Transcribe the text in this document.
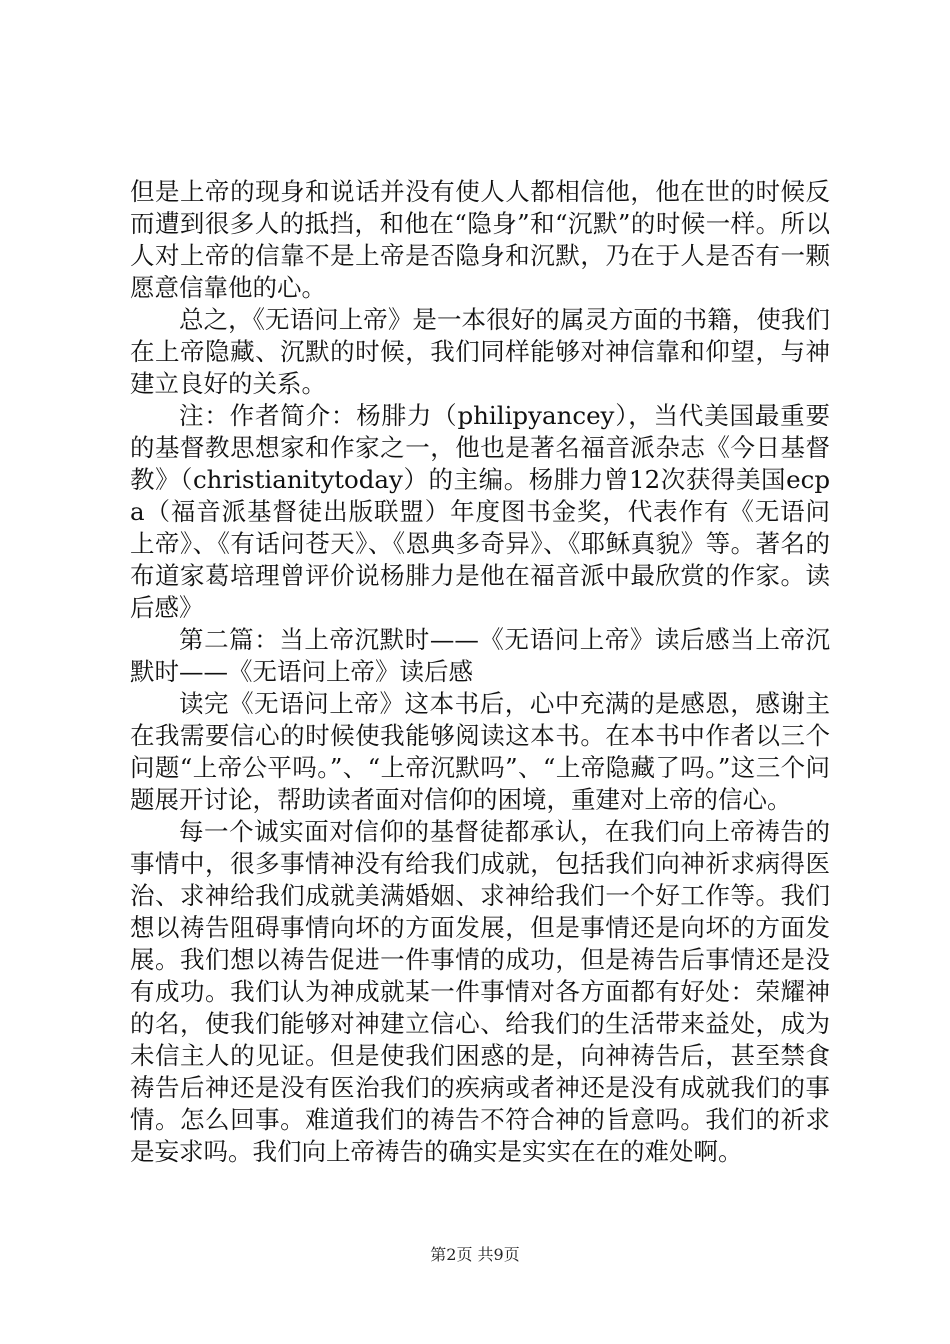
但是上帝的现身和说话并没有使人人都相信他，他在世的时候反而遭到很多人的抵挡，和他在“隐身”和“沉默”的时候一样。所以人对上帝的信靠不是上帝是否隐身和沉默，乃在于人是否有一颗愿意信靠他的心。

总之，《无语问上帝》是一本很好的属灵方面的书籍，使我们在上帝隐藏、沉默的时候，我们同样能够对神信靠和仰望，与神建立良好的关系。

注：作者简介：杨腓力（philipyancey），当代美国最重要的基督教思想家和作家之一，他也是著名福音派杂志《今日基督教》（christianitytoday）的主编。杨腓力曾12次获得美国ecpa（福音派基督徒出版联盟）年度图书金奖，代表作有《无语问上帝》、《有话问苍天》、《恩典多奇异》、《耶稣真貌》等。著名的布道家葛培理曾评价说杨腓力是他在福音派中最欣赏的作家。读后感》

第二篇：当上帝沉默时——《无语问上帝》读后感当上帝沉默时——《无语问上帝》读后感

读完《无语问上帝》这本书后，心中充满的是感恩，感谢主在我需要信心的时候使我能够阅读这本书。在本书中作者以三个问题“上帝公平吗。”、“上帝沉默吗”、“上帝隐藏了吗。”这三个问题展开讨论，帮助读者面对信仰的困境，重建对上帝的信心。

每一个诚实面对信仰的基督徒都承认，在我们向上帝祷告的事情中，很多事情神没有给我们成就，包括我们向神祈求病得医治、求神给我们成就美满婚姻、求神给我们一个好工作等。我们想以祷告阻碍事情向坏的方面发展，但是事情还是向坏的方面发展。我们想以祷告促进一件事情的成功，但是祷告后事情还是没有成功。我们认为神成就某一件事情对各方面都有好处：荣耀神的名，使我们能够对神建立信心、给我们的生活带来益处，成为未信主人的见证。但是使我们困惑的是，向神祷告后，甚至禁食祷告后神还是没有医治我们的疾病或者神还是没有成就我们的事情。怎么回事。难道我们的祷告不符合神的旨意吗。我们的祈求是妄求吗。我们向上帝祷告的确实是实实在在的难处啊。

第2页 共9页
